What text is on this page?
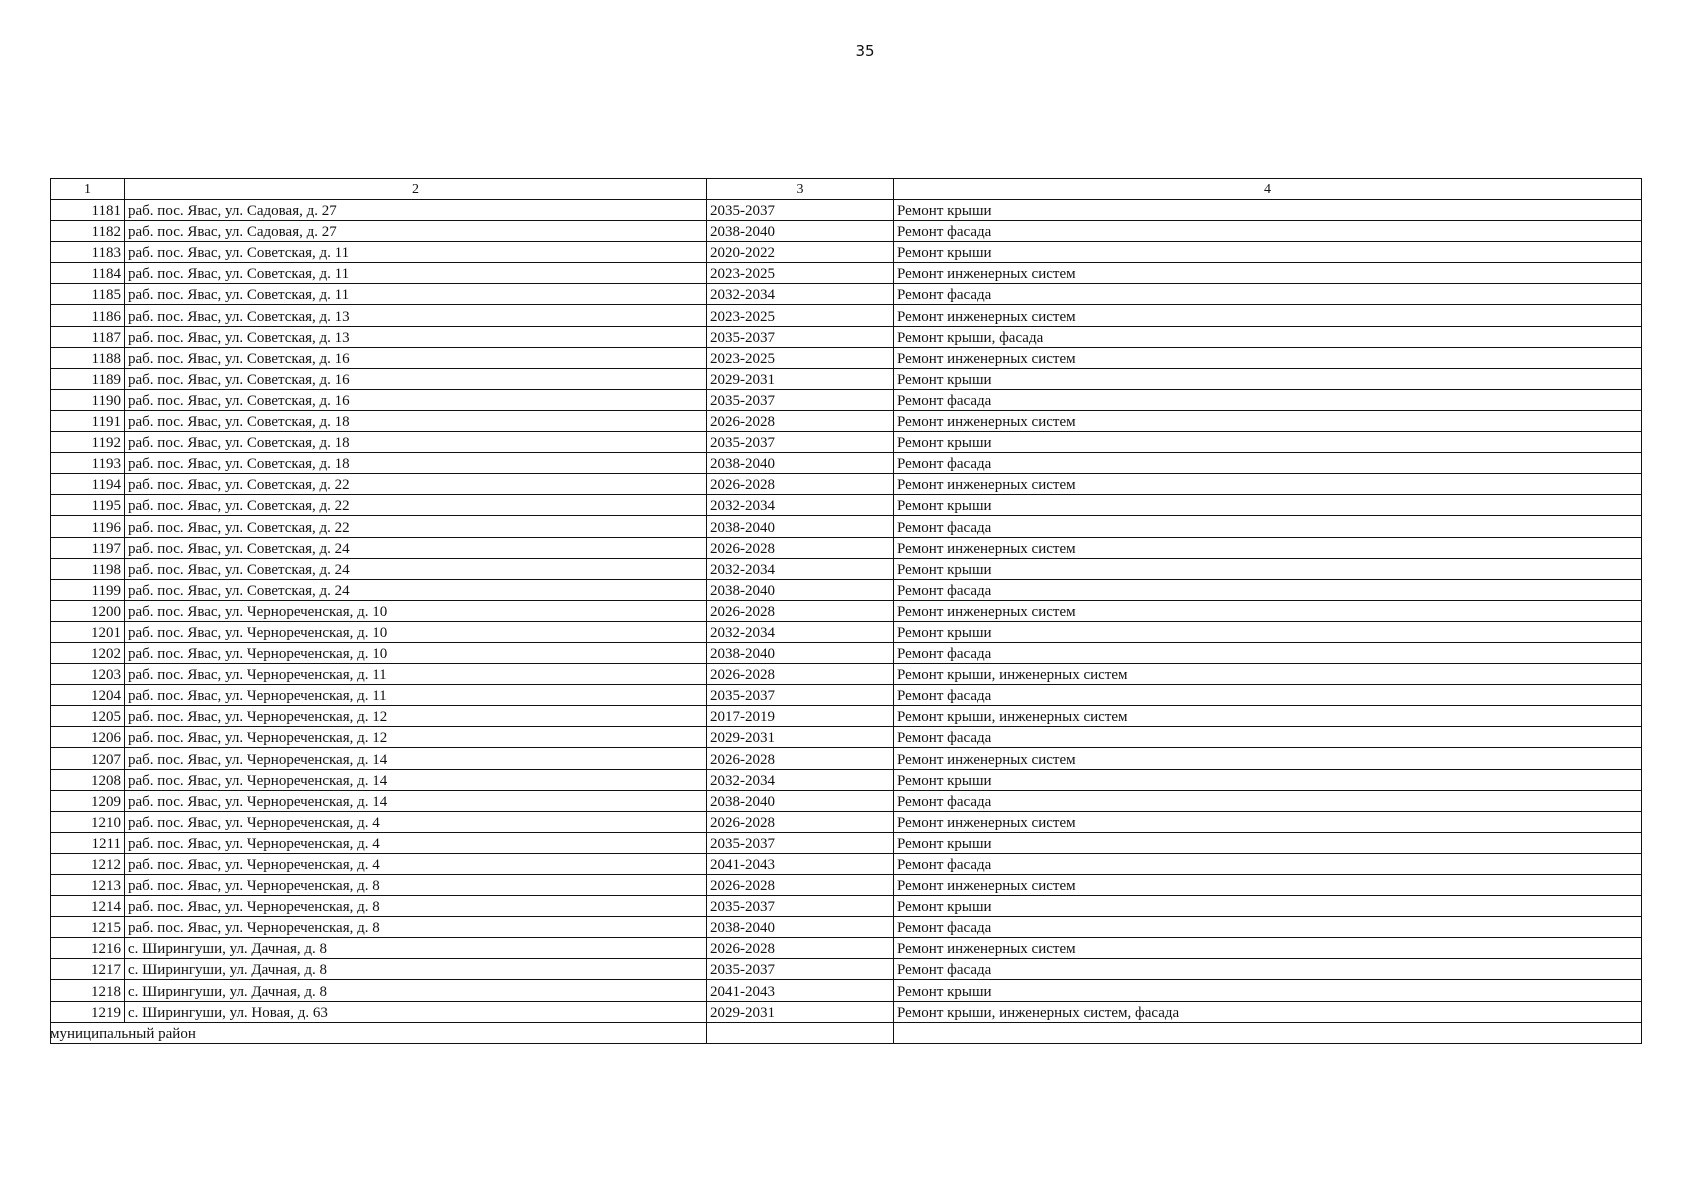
35
1	2	3	4
1181	раб. пос. Явас, ул. Садовая, д. 27	2035-2037	Ремонт крыши
1182	раб. пос. Явас, ул. Садовая, д. 27	2038-2040	Ремонт фасада
1183	раб. пос. Явас, ул. Советская, д. 11	2020-2022	Ремонт крыши
1184	раб. пос. Явас, ул. Советская, д. 11	2023-2025	Ремонт инженерных систем
1185	раб. пос. Явас, ул. Советская, д. 11	2032-2034	Ремонт фасада
1186	раб. пос. Явас, ул. Советская, д. 13	2023-2025	Ремонт инженерных систем
1187	раб. пос. Явас, ул. Советская, д. 13	2035-2037	Ремонт крыши, фасада
1188	раб. пос. Явас, ул. Советская, д. 16	2023-2025	Ремонт инженерных систем
1189	раб. пос. Явас, ул. Советская, д. 16	2029-2031	Ремонт крыши
1190	раб. пос. Явас, ул. Советская, д. 16	2035-2037	Ремонт фасада
1191	раб. пос. Явас, ул. Советская, д. 18	2026-2028	Ремонт инженерных систем
1192	раб. пос. Явас, ул. Советская, д. 18	2035-2037	Ремонт крыши
1193	раб. пос. Явас, ул. Советская, д. 18	2038-2040	Ремонт фасада
1194	раб. пос. Явас, ул. Советская, д. 22	2026-2028	Ремонт инженерных систем
1195	раб. пос. Явас, ул. Советская, д. 22	2032-2034	Ремонт крыши
1196	раб. пос. Явас, ул. Советская, д. 22	2038-2040	Ремонт фасада
1197	раб. пос. Явас, ул. Советская, д. 24	2026-2028	Ремонт инженерных систем
1198	раб. пос. Явас, ул. Советская, д. 24	2032-2034	Ремонт крыши
1199	раб. пос. Явас, ул. Советская, д. 24	2038-2040	Ремонт фасада
1200	раб. пос. Явас, ул. Чернореченская, д. 10	2026-2028	Ремонт инженерных систем
1201	раб. пос. Явас, ул. Чернореченская, д. 10	2032-2034	Ремонт крыши
1202	раб. пос. Явас, ул. Чернореченская, д. 10	2038-2040	Ремонт фасада
1203	раб. пос. Явас, ул. Чернореченская, д. 11	2026-2028	Ремонт крыши, инженерных систем
1204	раб. пос. Явас, ул. Чернореченская, д. 11	2035-2037	Ремонт фасада
1205	раб. пос. Явас, ул. Чернореченская, д. 12	2017-2019	Ремонт крыши, инженерных систем
1206	раб. пос. Явас, ул. Чернореченская, д. 12	2029-2031	Ремонт фасада
1207	раб. пос. Явас, ул. Чернореченская, д. 14	2026-2028	Ремонт инженерных систем
1208	раб. пос. Явас, ул. Чернореченская, д. 14	2032-2034	Ремонт крыши
1209	раб. пос. Явас, ул. Чернореченская, д. 14	2038-2040	Ремонт фасада
1210	раб. пос. Явас, ул. Чернореченская, д. 4	2026-2028	Ремонт инженерных систем
1211	раб. пос. Явас, ул. Чернореченская, д. 4	2035-2037	Ремонт крыши
1212	раб. пос. Явас, ул. Чернореченская, д. 4	2041-2043	Ремонт фасада
1213	раб. пос. Явас, ул. Чернореченская, д. 8	2026-2028	Ремонт инженерных систем
1214	раб. пос. Явас, ул. Чернореченская, д. 8	2035-2037	Ремонт крыши
1215	раб. пос. Явас, ул. Чернореченская, д. 8	2038-2040	Ремонт фасада
1216	с. Ширингуши, ул. Дачная, д. 8	2026-2028	Ремонт инженерных систем
1217	с. Ширингуши, ул. Дачная, д. 8	2035-2037	Ремонт фасада
1218	с. Ширингуши, ул. Дачная, д. 8	2041-2043	Ремонт крыши
1219	с. Ширингуши, ул. Новая, д. 63	2029-2031	Ремонт крыши, инженерных систем, фасада
муниципальный район			
